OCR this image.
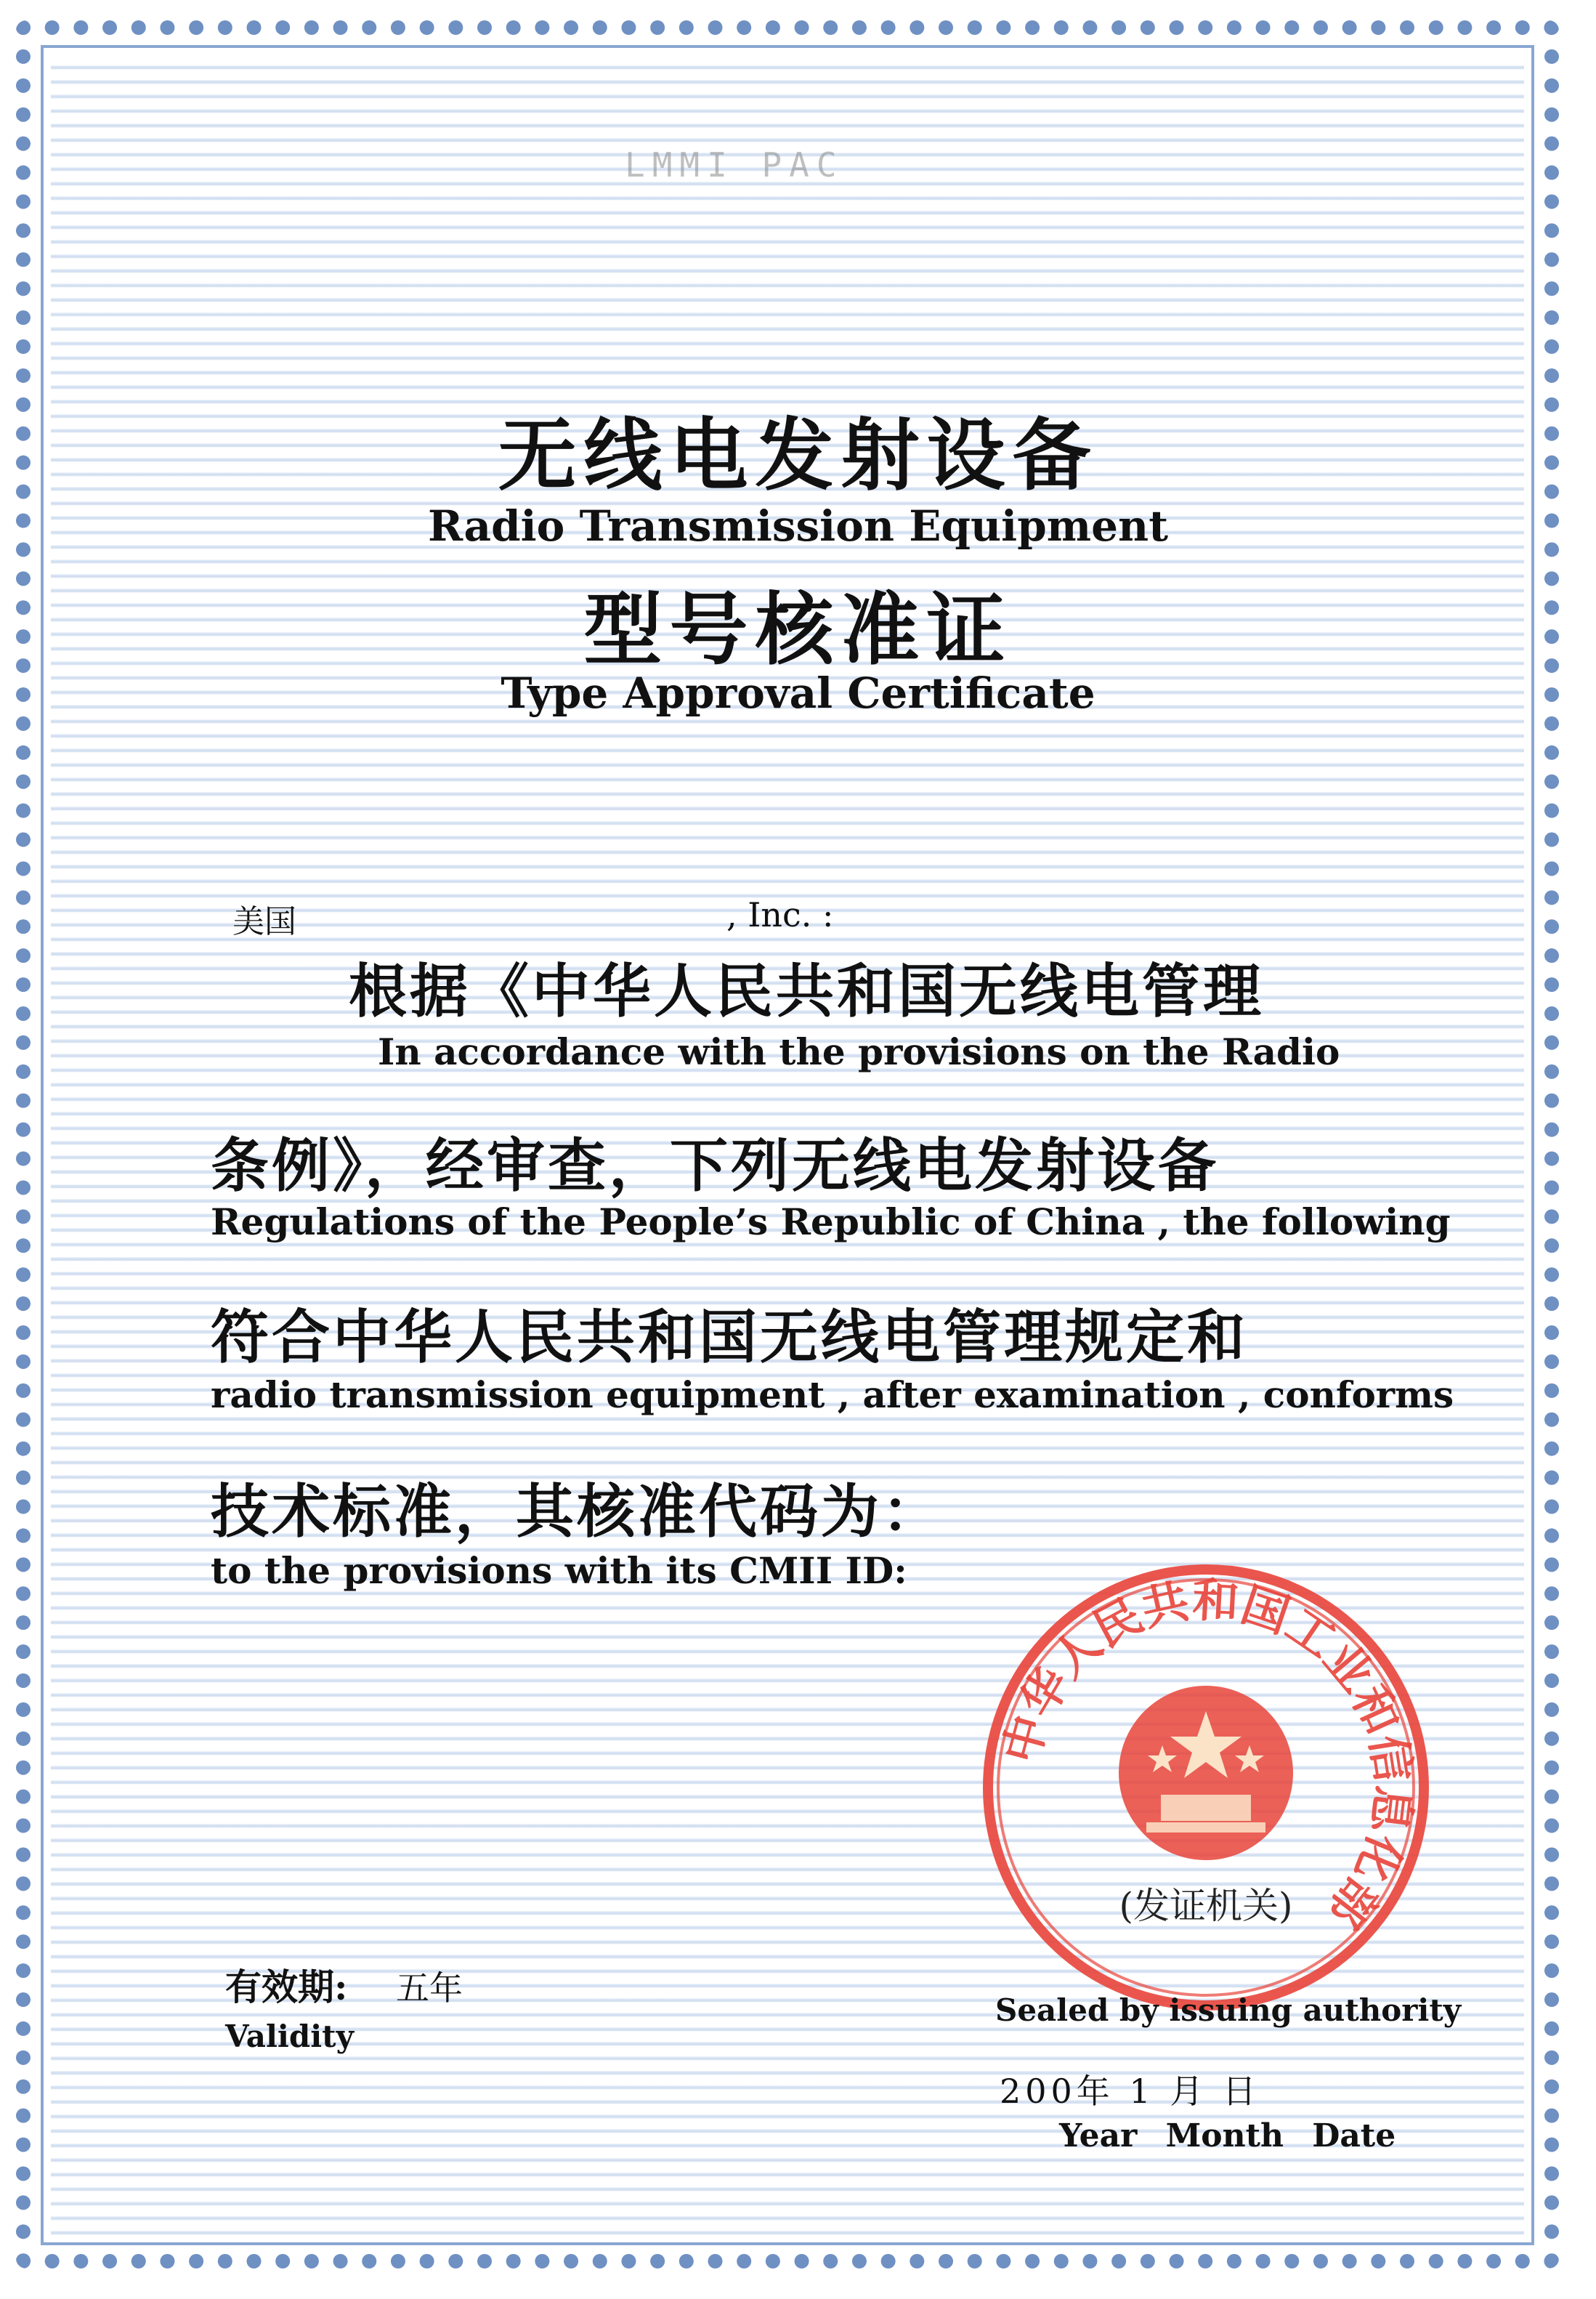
LMMI PAC
无线电发射设备
Radio Transmission Equipment
型号核准证
Type Approval Certificate
美国	, Inc. :
根据《中华人民共和国无线电管理
In accordance with the provisions on the Radio
条例》，经审查，下列无线电发射设备
Regulations of the People’s Republic of China , the following
符合中华人民共和国无线电管理规定和
radio transmission equipment , after examination , conforms
技术标准，其核准代码为：
to the provisions with its CMII ID:
中华人民共和国工业和信息化部
(发证机关)
有效期: 五年
Validity
Sealed by issuing authority
200年 1 月 日
Year Month Date
